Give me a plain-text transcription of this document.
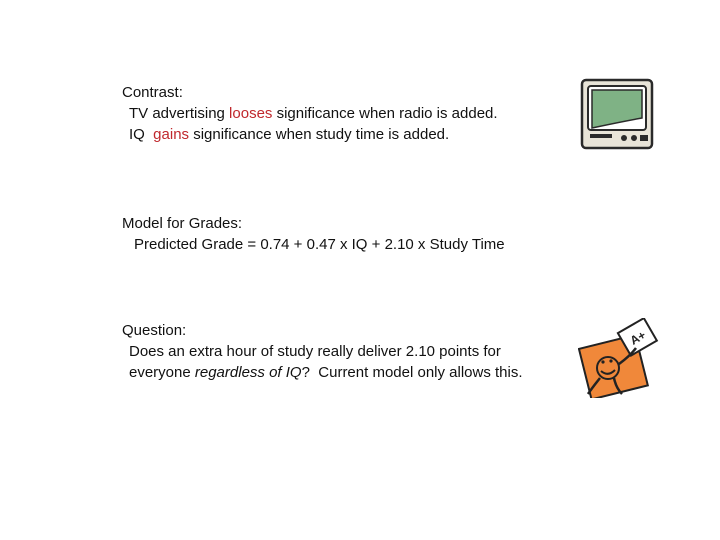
Contrast:
TV advertising looses significance when radio is added.
IQ  gains significance when study time is added.
Model for Grades:
Predicted Grade = 0.74 + 0.47 x IQ + 2.10 x Study Time
Question:
Does an extra hour of study really deliver 2.10 points for
everyone regardless of IQ?  Current model only allows this.
A+
